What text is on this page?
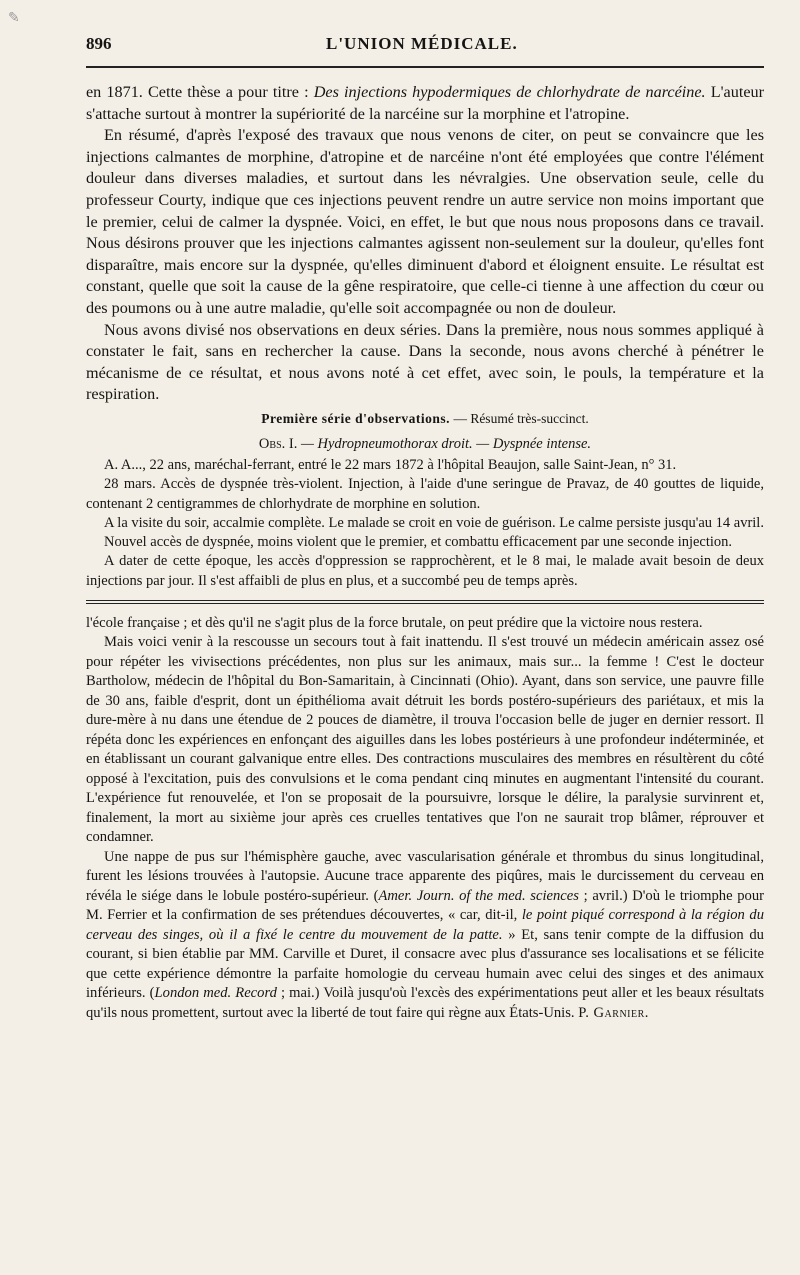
✎
896	L'UNION MÉDICALE.

en 1871. Cette thèse a pour titre : Des injections hypodermiques de chlorhydrate de narcéine. L'auteur s'attache surtout à montrer la supériorité de la narcéine sur la morphine et l'atropine.

En résumé, d'après l'exposé des travaux que nous venons de citer, on peut se convaincre que les injections calmantes de morphine, d'atropine et de narcéine n'ont été employées que contre l'élément douleur dans diverses maladies, et surtout dans les névralgies. Une observation seule, celle du professeur Courty, indique que ces injections peuvent rendre un autre service non moins important que le premier, celui de calmer la dyspnée. Voici, en effet, le but que nous nous proposons dans ce travail. Nous désirons prouver que les injections calmantes agissent non-seulement sur la douleur, qu'elles font disparaître, mais encore sur la dyspnée, qu'elles diminuent d'abord et éloignent ensuite. Le résultat est constant, quelle que soit la cause de la gêne respiratoire, que celle-ci tienne à une affection du cœur ou des poumons ou à une autre maladie, qu'elle soit accompagnée ou non de douleur.

Nous avons divisé nos observations en deux séries. Dans la première, nous nous sommes appliqué à constater le fait, sans en rechercher la cause. Dans la seconde, nous avons cherché à pénétrer le mécanisme de ce résultat, et nous avons noté à cet effet, avec soin, le pouls, la température et la respiration.

Première série d'observations. — Résumé très-succinct.
Obs. I. — Hydropneumothorax droit. — Dyspnée intense.

A. A..., 22 ans, maréchal-ferrant, entré le 22 mars 1872 à l'hôpital Beaujon, salle Saint-Jean, n° 31.

28 mars. Accès de dyspnée très-violent. Injection, à l'aide d'une seringue de Pravaz, de 40 gouttes de liquide, contenant 2 centigrammes de chlorhydrate de morphine en solution.

A la visite du soir, accalmie complète. Le malade se croit en voie de guérison. Le calme persiste jusqu'au 14 avril.

Nouvel accès de dyspnée, moins violent que le premier, et combattu efficacement par une seconde injection.

A dater de cette époque, les accès d'oppression se rapprochèrent, et le 8 mai, le malade avait besoin de deux injections par jour. Il s'est affaibli de plus en plus, et a succombé peu de temps après.

l'école française ; et dès qu'il ne s'agit plus de la force brutale, on peut prédire que la victoire nous restera.

Mais voici venir à la rescousse un secours tout à fait inattendu. Il s'est trouvé un médecin américain assez osé pour répéter les vivisections précédentes, non plus sur les animaux, mais sur... la femme ! C'est le docteur Bartholow, médecin de l'hôpital du Bon-Samaritain, à Cincinnati (Ohio). Ayant, dans son service, une pauvre fille de 30 ans, faible d'esprit, dont un épithélioma avait détruit les bords postéro-supérieurs des pariétaux, et mis la dure-mère à nu dans une étendue de 2 pouces de diamètre, il trouva l'occasion belle de juger en dernier ressort. Il répéta donc les expériences en enfonçant des aiguilles dans les lobes postérieurs à une profondeur indéterminée, et en établissant un courant galvanique entre elles. Des contractions musculaires des membres en résultèrent du côté opposé à l'excitation, puis des convulsions et le coma pendant cinq minutes en augmentant l'intensité du courant. L'expérience fut renouvelée, et l'on se proposait de la poursuivre, lorsque le délire, la paralysie survinrent et, finalement, la mort au sixième jour après ces cruelles tentatives que l'on ne saurait trop blâmer, réprouver et condamner.

Une nappe de pus sur l'hémisphère gauche, avec vascularisation générale et thrombus du sinus longitudinal, furent les lésions trouvées à l'autopsie. Aucune trace apparente des piqûres, mais le durcissement du cerveau en révéla le siége dans le lobule postéro-supérieur. (Amer. Journ. of the med. sciences ; avril.) D'où le triomphe pour M. Ferrier et la confirmation de ses prétendues découvertes, « car, dit-il, le point piqué correspond à la région du cerveau des singes, où il a fixé le centre du mouvement de la patte. » Et, sans tenir compte de la diffusion du courant, si bien établie par MM. Carville et Duret, il consacre avec plus d'assurance ses localisations et se félicite que cette expérience démontre la parfaite homologie du cerveau humain avec celui des singes et des animaux inférieurs. (London med. Record ; mai.) Voilà jusqu'où l'excès des expérimentations peut aller et les beaux résultats qu'ils nous promettent, surtout avec la liberté de tout faire qui règne aux États-Unis. P. Garnier.
